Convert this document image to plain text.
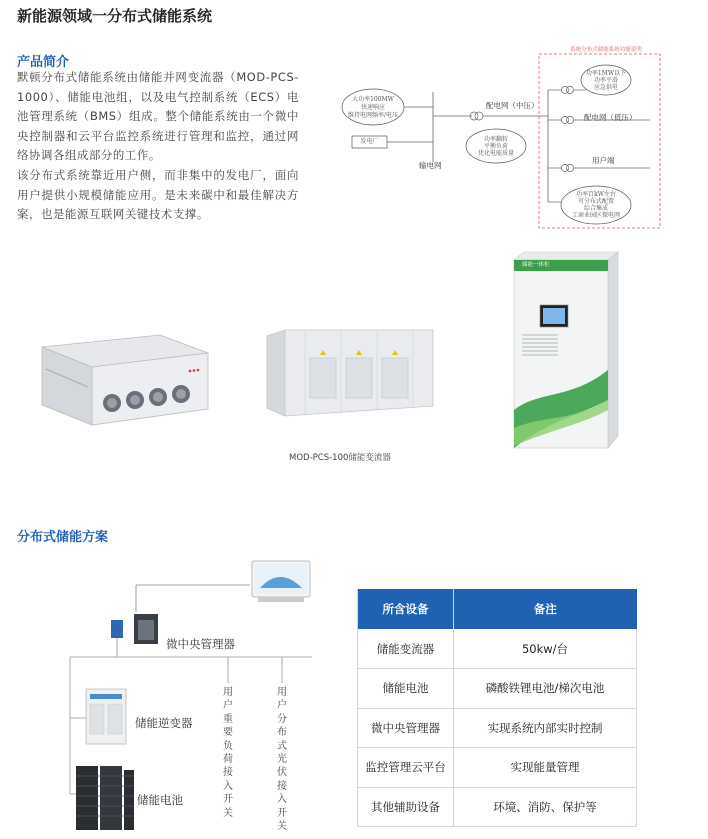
新能源领域一分布式储能系统
产品简介
默顿分布式储能系统由储能并网变流器（MOD-PCS-1000）、储能电池组，以及电气控制系统（ECS）电池管理系统（BMS）组成。整个储能系统由一个微中央控制器和云平台监控系统进行管理和监控，通过网络协调各组成部分的工作。
该分布式系统靠近用户侧，而非集中的发电厂，面向用户提供小规模储能应用。是未来碳中和最佳解决方案，也是能源互联网关键技术支撑。
系统分布式储能系统功能说明
大功率100MW
快速响应
维持电网频率/电压
发电厂
输电网
配电网（中压）
功率翻转
平衡负荷
优化电能质量
功率1MW以下
功率平滑
应急供电
配电网（低压）
用户端
功率百kW左右
可分布式配置
综合集成
工商业园区微电网
MOD-PCS-100储能变流器
储能一体柜
分布式储能方案
微中央管理器
储能逆变器
储能电池
用户重要负荷接入开关
用户分布式光伏接入开关
所含设备	备注
储能变流器	50kw/台
储能电池	磷酸铁锂电池/梯次电池
微中央管理器	实现系统内部实时控制
监控管理云平台	实现能量管理
其他辅助设备	环境、消防、保护等
